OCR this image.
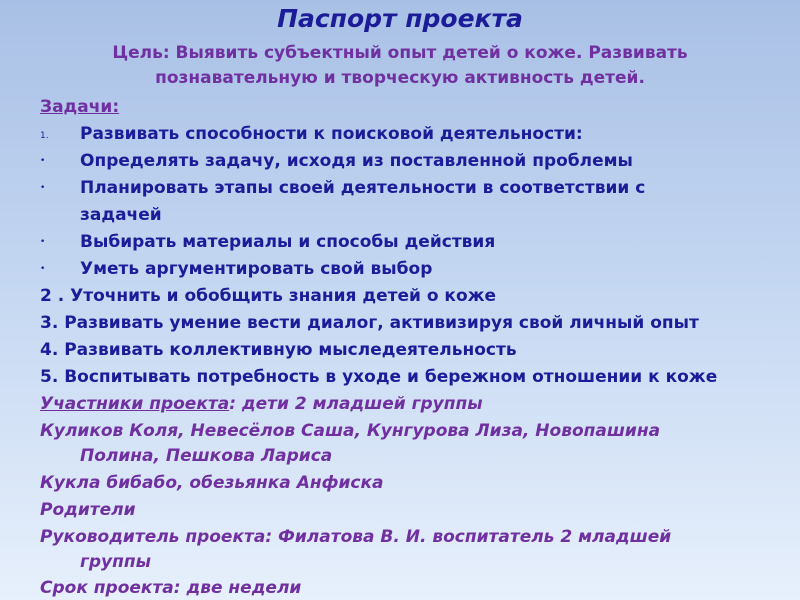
Паспорт проекта
Цель: Выявить субъектный опыт детей о коже. Развивать
познавательную и творческую активность детей.
Задачи:
1. Развивать способности к поисковой деятельности:
• Определять задачу, исходя из поставленной проблемы
• Планировать этапы своей деятельности в соответствии с
задачей
• Выбирать материалы и способы действия
• Уметь аргументировать свой выбор
2 . Уточнить и обобщить знания детей о коже
3. Развивать умение вести диалог, активизируя свой личный опыт
4. Развивать коллективную мыследеятельность
5. Воспитывать потребность в уходе и бережном отношении к коже
Участники проекта: дети 2 младшей группы
Куликов Коля, Невесёлов Саша, Кунгурова Лиза, Новопашина
Полина, Пешкова Лариса
Кукла бибабо, обезьянка Анфиска
Родители
Руководитель проекта: Филатова В. И. воспитатель 2 младшей
группы
Срок проекта: две недели
